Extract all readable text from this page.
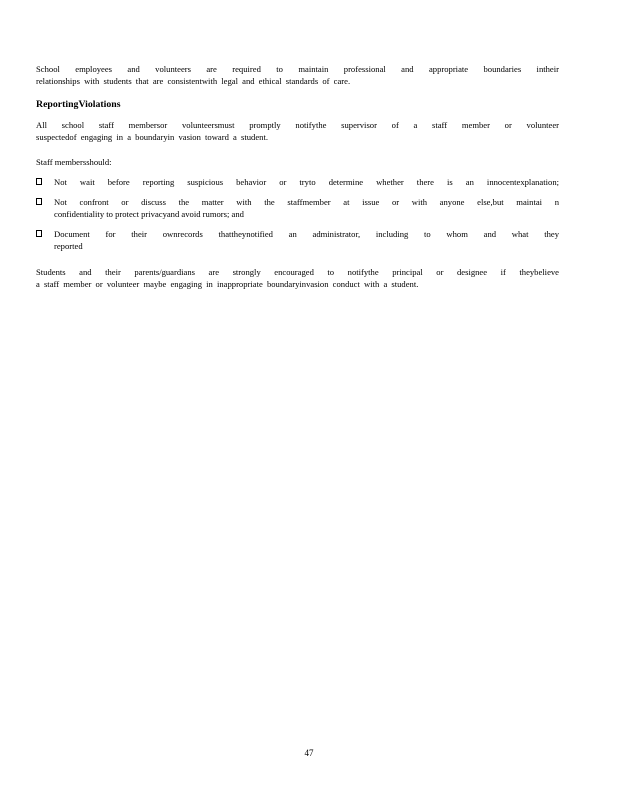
School employees and volunteers are required to maintain professional and appropriate boundaries intheir
relationships with students that are consistentwith legal and ethical standards of care.
ReportingViolations
All school staff membersor volunteersmust promptly notifythe supervisor of a staff member or volunteer
suspectedof engaging in a boundaryin vasion toward a student.
Staff membersshould:
Not wait before reporting suspicious behavior or tryto determine whether there is an innocentexplanation;
Not confront or discuss the matter with the staffmember at issue or with anyone else,but maintai n
confidentiality to protect privacyand avoid rumors; and
Document for their ownrecords thattheynotified an administrator, including to whom and what they
reported
Students and their parents/guardians are strongly encouraged to notifythe principal or designee if theybelieve
a staff member or volunteer maybe engaging in inappropriate boundaryinvasion conduct with a student.
47
